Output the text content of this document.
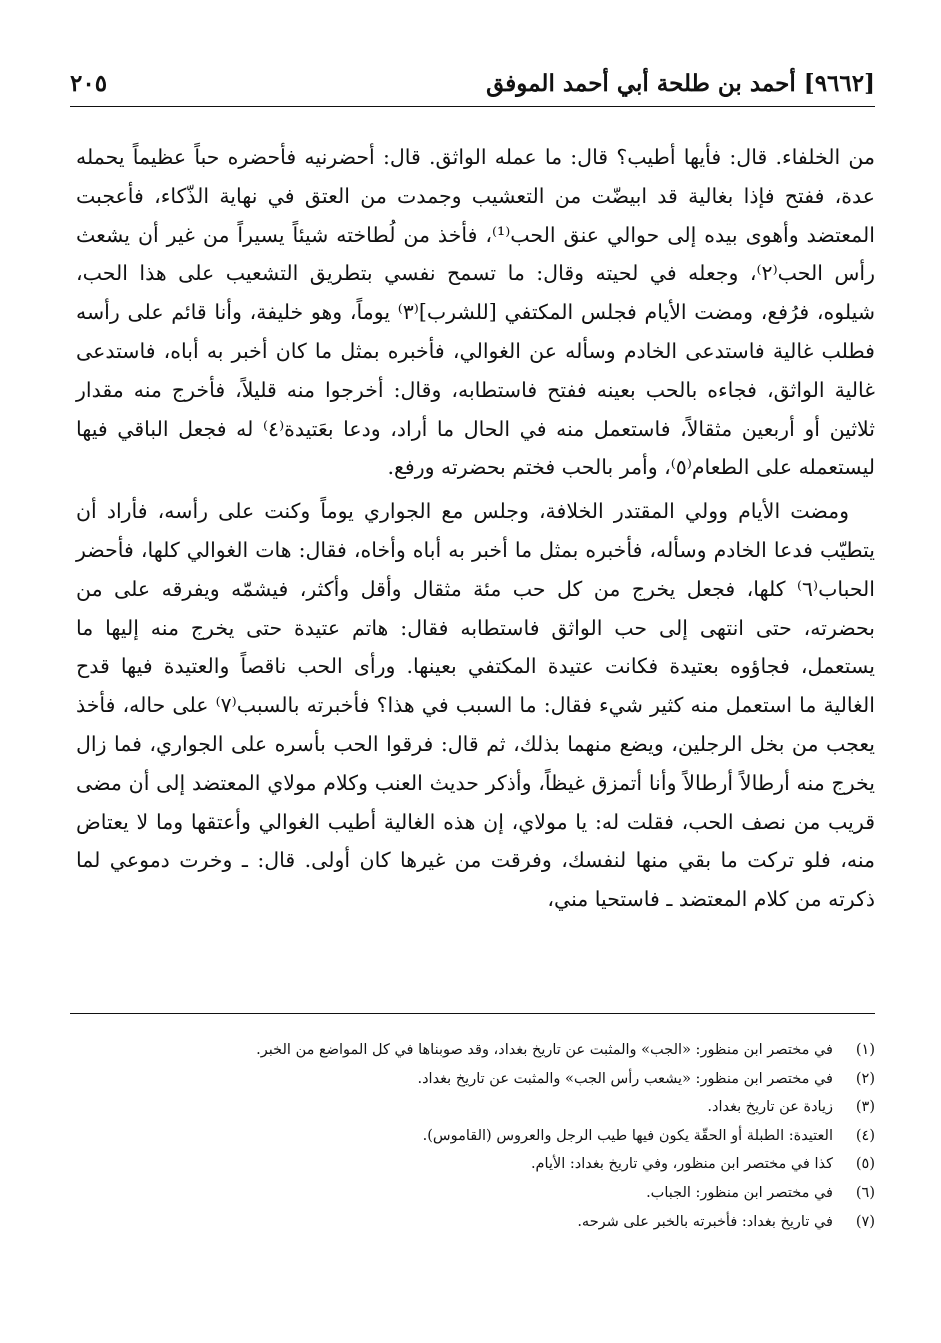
[٩٦٦٢] أحمد بن طلحة أبي أحمد الموفق
٢٠٥

من الخلفاء. قال: فأيها أطيب؟ قال: ما عمله الواثق. قال: أحضرنيه فأحضره حباً عظيماً يحمله عدة، ففتح فإذا بغالية قد ابيضّت من التعشيب وجمدت من العتق في نهاية الذّكاء، فأعجبت المعتضد وأهوى بيده إلى حوالي عنق الحب⁽¹⁾، فأخذ من لُطاخته شيئاً يسيراً من غير أن يشعث رأس الحب⁽٢⁾، وجعله في لحيته وقال: ما تسمح نفسي بتطريق التشعيب على هذا الحب، شيلوه، فرُفع، ومضت الأيام فجلس المكتفي [للشرب]⁽٣⁾ يوماً، وهو خليفة، وأنا قائم على رأسه فطلب غالية فاستدعى الخادم وسأله عن الغوالي، فأخبره بمثل ما كان أخبر به أباه، فاستدعى غالية الواثق، فجاءه بالحب بعينه ففتح فاستطابه، وقال: أخرجوا منه قليلاً، فأخرج منه مقدار ثلاثين أو أربعين مثقالاً، فاستعمل منه في الحال ما أراد، ودعا بعَتيدة⁽٤⁾ له فجعل الباقي فيها ليستعمله على الطعام⁽٥⁾، وأمر بالحب فختم بحضرته ورفع.

ومضت الأيام وولي المقتدر الخلافة، وجلس مع الجواري يوماً وكنت على رأسه، فأراد أن يتطيّب فدعا الخادم وسأله، فأخبره بمثل ما أخبر به أباه وأخاه، فقال: هات الغوالي كلها، فأحضر الحباب⁽٦⁾ كلها، فجعل يخرج من كل حب مئة مثقال وأقل وأكثر، فيشمّه ويفرقه على من بحضرته، حتى انتهى إلى حب الواثق فاستطابه فقال: هاتم عتيدة حتى يخرج منه إليها ما يستعمل، فجاؤوه بعتيدة فكانت عتيدة المكتفي بعينها. ورأى الحب ناقصاً والعتيدة فيها قدح الغالية ما استعمل منه كثير شيء فقال: ما السبب في هذا؟ فأخبرته بالسبب⁽٧⁾ على حاله، فأخذ يعجب من بخل الرجلين، ويضع منهما بذلك، ثم قال: فرقوا الحب بأسره على الجواري، فما زال يخرج منه أرطالاً أرطالاً وأنا أتمزق غيظاً، وأذكر حديث العنب وكلام مولاي المعتضد إلى أن مضى قريب من نصف الحب، فقلت له: يا مولاي، إن هذه الغالية أطيب الغوالي وأعتقها وما لا يعتاض منه، فلو تركت ما بقي منها لنفسك، وفرقت من غيرها كان أولى. قال: ـ وخرت دموعي لما ذكرته من كلام المعتضد ـ فاستحيا مني،

(١)في مختصر ابن منظور: «الجب» والمثبت عن تاريخ بغداد، وقد صوبناها في كل المواضع من الخبر.
(٢)في مختصر ابن منظور: «يشعب رأس الجب» والمثبت عن تاريخ بغداد.
(٣)زيادة عن تاريخ بغداد.
(٤)العتيدة: الطبلة أو الحقّة يكون فيها طيب الرجل والعروس (القاموس).
(٥)كذا في مختصر ابن منظور، وفي تاريخ بغداد: الأيام.
(٦)في مختصر ابن منظور: الجباب.
(٧)في تاريخ بغداد: فأخبرته بالخبر على شرحه.
